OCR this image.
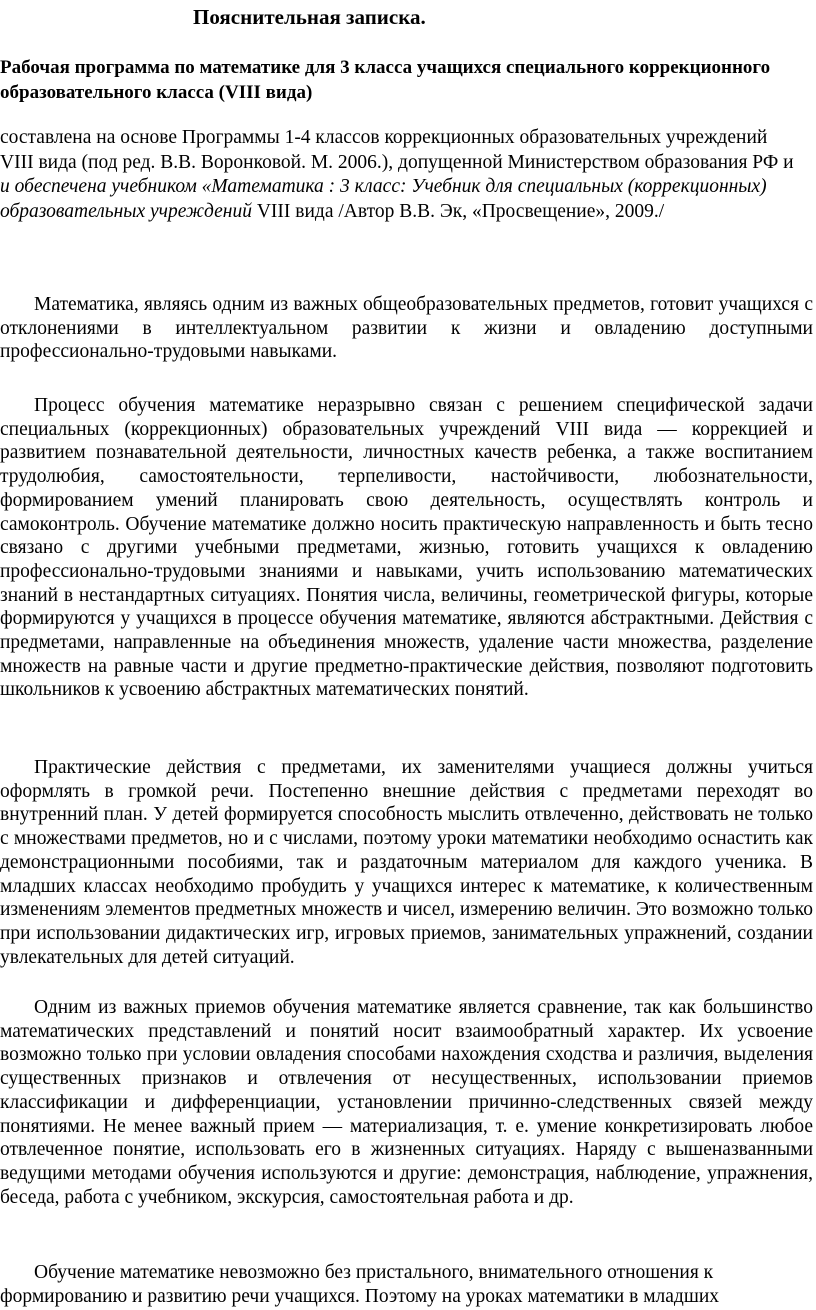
Пояснительная записка.
Рабочая программа по математике для 3 класса учащихся специального коррекционного образовательного класса (VIII вида)

составлена на основе Программы 1-4 классов коррекционных образовательных учреждений VIII вида (под ред. В.В. Воронковой. М. 2006.), допущенной Министерством образования РФ и и обеспечена учебником «Математика : 3 класс: Учебник для специальных (коррекционных) образовательных учреждений VIII вида /Автор В.В. Эк, «Просвещение», 2009./

Математика, являясь одним из важных общеобразовательных предметов, готовит учащихся с отклонениями в интеллектуальном развитии к жизни и овладению доступными профессионально-трудовыми навыками.

Процесс обучения математике неразрывно связан с решением специфической задачи специальных (коррекционных) образовательных учреждений VIII вида — коррекцией и развитием познавательной деятельности, личностных качеств ребенка, а также воспитанием трудолюбия, самостоятельности, терпеливости, настойчивости, любознательности, формированием умений планировать свою деятельность, осуществлять контроль и самоконтроль. Обучение математике должно носить практическую направленность и быть тесно связано с другими учебными предметами, жизнью, готовить учащихся к овладению профессионально-трудовыми знаниями и навыками, учить использованию математических знаний в нестандартных ситуациях. Понятия числа, величины, геометрической фигуры, которые формируются у учащихся в процессе обучения математике, являются абстрактными. Действия с предметами, направленные на объединения множеств, удаление части множества, разделение множеств на равные части и другие предметно-практические действия, позволяют подготовить школьников к усвоению абстрактных математических понятий.

Практические действия с предметами, их заменителями учащиеся должны учиться оформлять в громкой речи. Постепенно внешние действия с предметами переходят во внутренний план. У детей формируется способность мыслить отвлеченно, действовать не только с множествами предметов, но и с числами, поэтому уроки математики необходимо оснастить как демонстрационными пособиями, так и раздаточным материалом для каждого ученика. В младших классах необходимо пробудить у учащихся интерес к математике, к количественным изменениям элементов предметных множеств и чисел, измерению величин. Это возможно только при использовании дидактических игр, игровых приемов, занимательных упражнений, создании увлекательных для детей ситуаций.

Одним из важных приемов обучения математике является сравнение, так как большинство математических представлений и понятий носит взаимообратный характер. Их усвоение возможно только при условии овладения способами нахождения сходства и различия, выделения существенных признаков и отвлечения от несущественных, использовании приемов классификации и дифференциации, установлении причинно-следственных связей между понятиями. Не менее важный прием — материализация, т. е. умение конкретизировать любое отвлеченное понятие, использовать его в жизненных ситуациях. Наряду с вышеназванными ведущими методами обучения используются и другие: демонстрация, наблюдение, упражнения, беседа, работа с учебником, экскурсия, самостоятельная работа и др.

Обучение математике невозможно без пристального, внимательного отношения к формированию и развитию речи учащихся. Поэтому на уроках математики в младших
